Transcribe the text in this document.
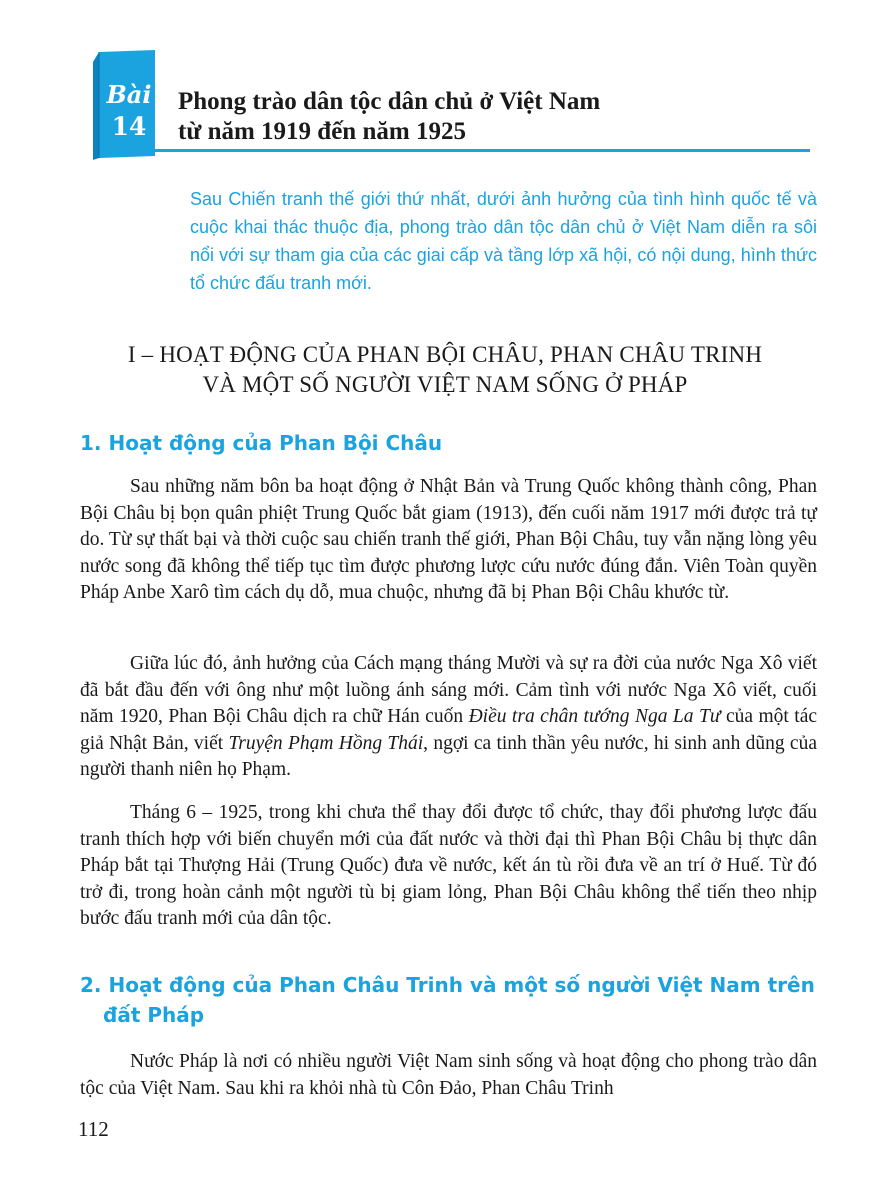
Bài
14
Phong trào dân tộc dân chủ ở Việt Nam
từ năm 1919 đến năm 1925
Sau Chiến tranh thế giới thứ nhất, dưới ảnh hưởng của tình hình quốc tế và cuộc khai thác thuộc địa, phong trào dân tộc dân chủ ở Việt Nam diễn ra sôi nổi với sự tham gia của các giai cấp và tầng lớp xã hội, có nội dung, hình thức tổ chức đấu tranh mới.
I – HOẠT ĐỘNG CỦA PHAN BỘI CHÂU, PHAN CHÂU TRINH
VÀ MỘT SỐ NGƯỜI VIỆT NAM SỐNG Ở PHÁP
1. Hoạt động của Phan Bội Châu

Sau những năm bôn ba hoạt động ở Nhật Bản và Trung Quốc không thành công, Phan Bội Châu bị bọn quân phiệt Trung Quốc bắt giam (1913), đến cuối năm 1917 mới được trả tự do. Từ sự thất bại và thời cuộc sau chiến tranh thế giới, Phan Bội Châu, tuy vẫn nặng lòng yêu nước song đã không thể tiếp tục tìm được phương lược cứu nước đúng đắn. Viên Toàn quyền Pháp Anbe Xarô tìm cách dụ dỗ, mua chuộc, nhưng đã bị Phan Bội Châu khước từ.

Giữa lúc đó, ảnh hưởng của Cách mạng tháng Mười và sự ra đời của nước Nga Xô viết đã bắt đầu đến với ông như một luồng ánh sáng mới. Cảm tình với nước Nga Xô viết, cuối năm 1920, Phan Bội Châu dịch ra chữ Hán cuốn Điều tra chân tướng Nga La Tư của một tác giả Nhật Bản, viết Truyện Phạm Hồng Thái, ngợi ca tinh thần yêu nước, hi sinh anh dũng của người thanh niên họ Phạm.

Tháng 6 – 1925, trong khi chưa thể thay đổi được tổ chức, thay đổi phương lược đấu tranh thích hợp với biến chuyển mới của đất nước và thời đại thì Phan Bội Châu bị thực dân Pháp bắt tại Thượng Hải (Trung Quốc) đưa về nước, kết án tù rồi đưa về an trí ở Huế. Từ đó trở đi, trong hoàn cảnh một người tù bị giam lỏng, Phan Bội Châu không thể tiến theo nhịp bước đấu tranh mới của dân tộc.

2. Hoạt động của Phan Châu Trinh và một số người Việt Nam trên
đất Pháp

Nước Pháp là nơi có nhiều người Việt Nam sinh sống và hoạt động cho phong trào dân tộc của Việt Nam. Sau khi ra khỏi nhà tù Côn Đảo, Phan Châu Trinh

112
